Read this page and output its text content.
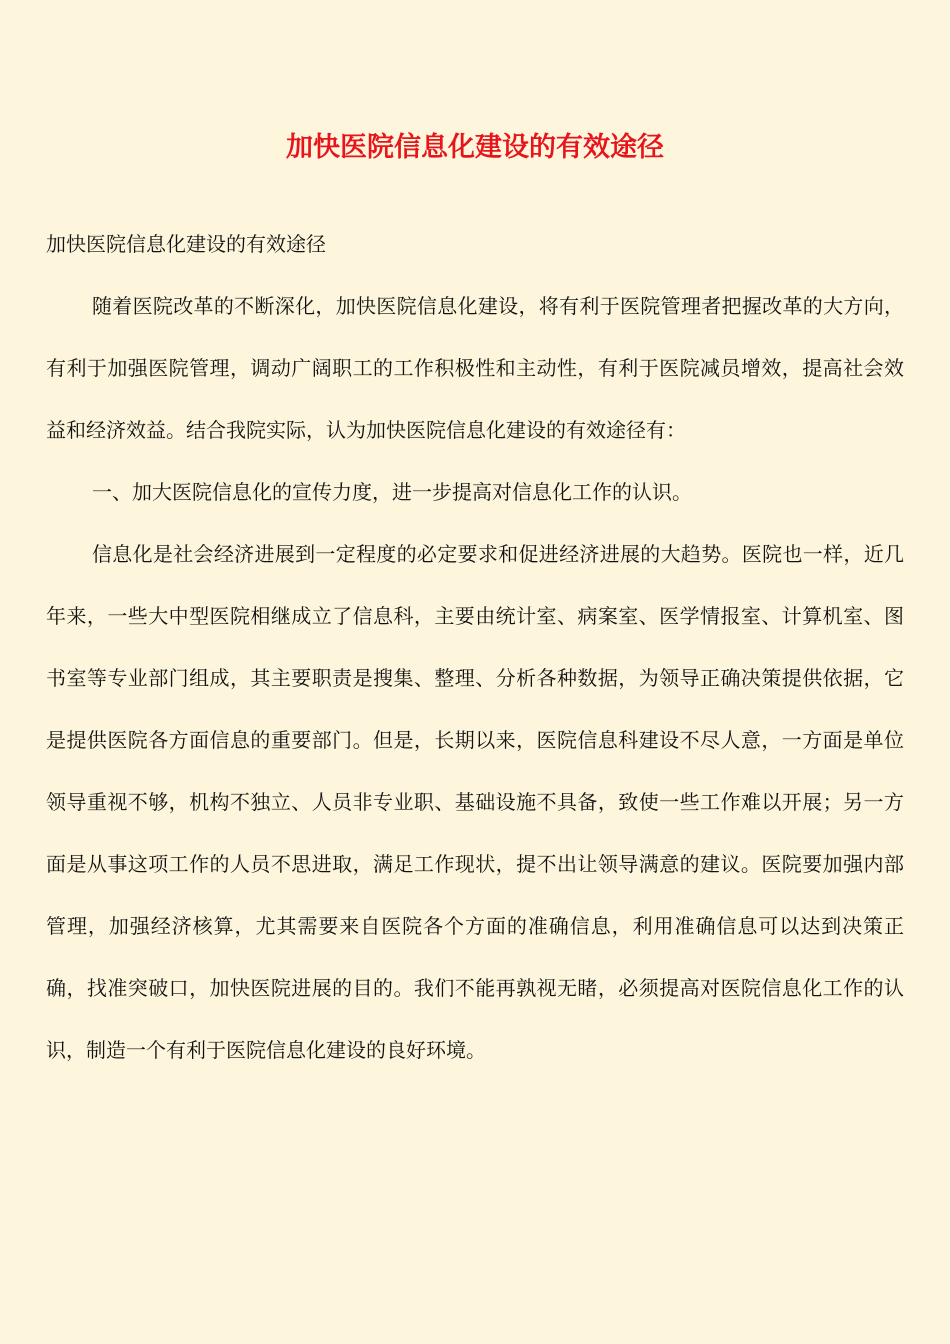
加快医院信息化建设的有效途径

加快医院信息化建设的有效途径

随着医院改革的不断深化，加快医院信息化建设，将有利于医院管理者把握改革的大方向，有利于加强医院管理，调动广阔职工的工作积极性和主动性，有利于医院减员增效，提高社会效益和经济效益。结合我院实际，认为加快医院信息化建设的有效途径有：

一、加大医院信息化的宣传力度，进一步提高对信息化工作的认识。

信息化是社会经济进展到一定程度的必定要求和促进经济进展的大趋势。医院也一样，近几年来，一些大中型医院相继成立了信息科，主要由统计室、病案室、医学情报室、计算机室、图书室等专业部门组成，其主要职责是搜集、整理、分析各种数据，为领导正确决策提供依据，它是提供医院各方面信息的重要部门。但是，长期以来，医院信息科建设不尽人意，一方面是单位领导重视不够，机构不独立、人员非专业职、基础设施不具备，致使一些工作难以开展；另一方面是从事这项工作的人员不思进取，满足工作现状，提不出让领导满意的建议。医院要加强内部管理，加强经济核算，尤其需要来自医院各个方面的准确信息，利用准确信息可以达到决策正确，找准突破口，加快医院进展的目的。我们不能再孰视无睹，必须提高对医院信息化工作的认识，制造一个有利于医院信息化建设的良好环境。
